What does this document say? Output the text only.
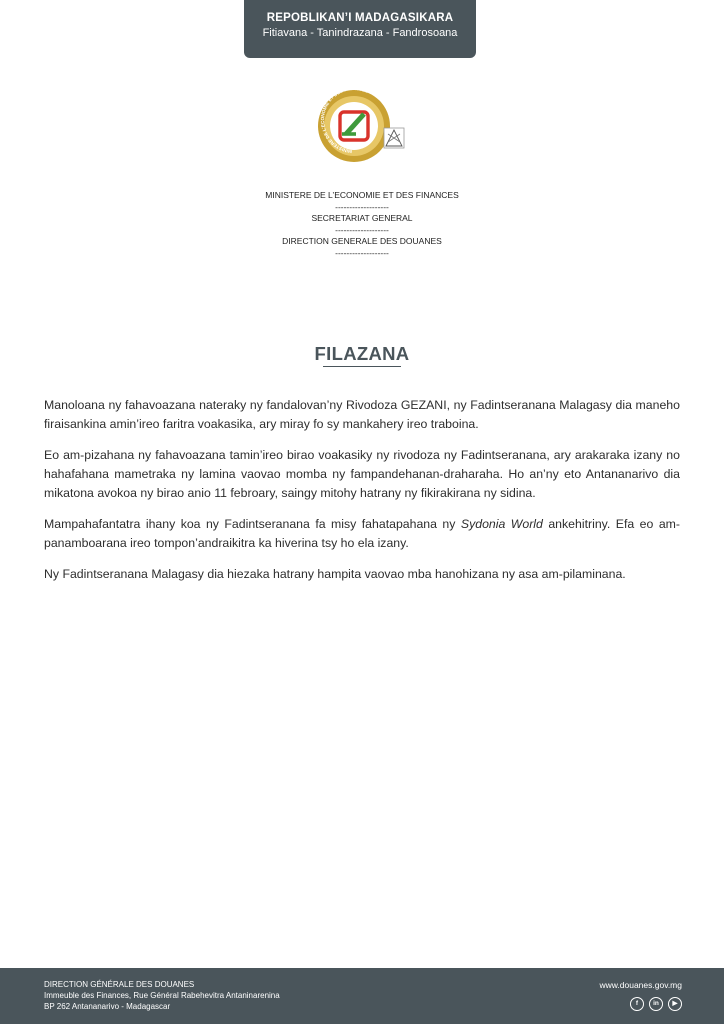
REPOBLIKAN’I MADAGASIKARA
Fitiavana - Tanindrazana - Fandrosoana
MINISTERE DE L'ECONOMIE ET DES FINANCES
MINISTERE DE L’ECONOMIE ET DES FINANCES
-------------------
SECRETARIAT GENERAL
-------------------
DIRECTION GENERALE DES DOUANES
-------------------
FILAZANA

Manoloana ny fahavoazana nateraky ny fandalovan’ny Rivodoza GEZANI, ny Fadintseranana Malagasy dia maneho firaisankina amin’ireo faritra voakasika, ary miray fo sy mankahery ireo traboina.

Eo am-pizahana ny fahavoazana tamin’ireo birao voakasiky ny rivodoza ny Fadintseranana, ary arakaraka izany no hahafahana mametraka ny lamina vaovao momba ny fampandehanan-draharaha. Ho an’ny eto Antananarivo dia mikatona avokoa ny birao anio 11 febroary, saingy mitohy hatrany ny fikirakirana ny sidina.

Mampahafantatra ihany koa ny Fadintseranana fa misy fahatapahana ny Sydonia World ankehitriny. Efa eo am-panamboarana ireo tompon’andraikitra ka hiverina tsy ho ela izany.

Ny Fadintseranana Malagasy dia hiezaka hatrany hampita vaovao mba hanohizana ny asa am-pilaminana.

DIRECTION GÉNÉRALE DES DOUANES
Immeuble des Finances, Rue Général Rabehevitra Antaninarenina
BP 262 Antananarivo - Madagascar
www.douanes.gov.mg
f	in	▶
